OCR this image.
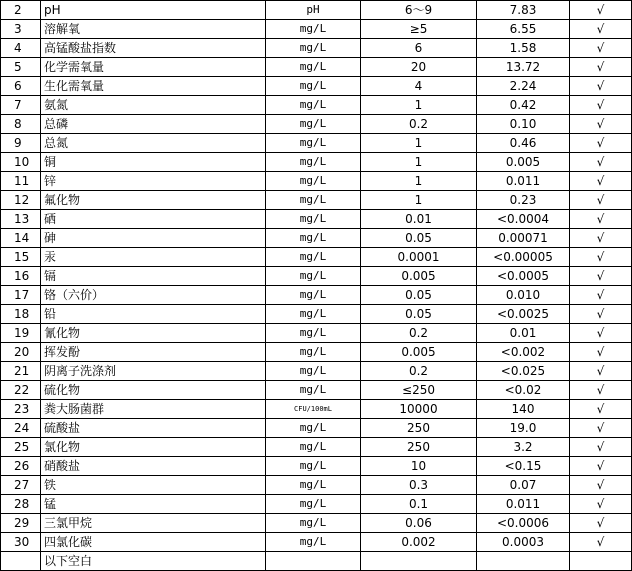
2	pH	pH	6～9	7.83	√
3	溶解氧	mg/L	≥5	6.55	√
4	高锰酸盐指数	mg/L	6	1.58	√
5	化学需氧量	mg/L	20	13.72	√
6	生化需氧量	mg/L	4	2.24	√
7	氨氮	mg/L	1	0.42	√
8	总磷	mg/L	0.2	0.10	√
9	总氮	mg/L	1	0.46	√
10	铜	mg/L	1	0.005	√
11	锌	mg/L	1	0.011	√
12	氟化物	mg/L	1	0.23	√
13	硒	mg/L	0.01	<0.0004	√
14	砷	mg/L	0.05	0.00071	√
15	汞	mg/L	0.0001	<0.00005	√
16	镉	mg/L	0.005	<0.0005	√
17	铬（六价）	mg/L	0.05	0.010	√
18	铅	mg/L	0.05	<0.0025	√
19	氰化物	mg/L	0.2	0.01	√
20	挥发酚	mg/L	0.005	<0.002	√
21	阴离子洗涤剂	mg/L	0.2	<0.025	√
22	硫化物	mg/L	≤250	<0.02	√
23	粪大肠菌群	CFU/100mL	10000	140	√
24	硫酸盐	mg/L	250	19.0	√
25	氯化物	mg/L	250	3.2	√
26	硝酸盐	mg/L	10	<0.15	√
27	铁	mg/L	0.3	0.07	√
28	锰	mg/L	0.1	0.011	√
29	三氯甲烷	mg/L	0.06	<0.0006	√
30	四氯化碳	mg/L	0.002	0.0003	√
	以下空白				
